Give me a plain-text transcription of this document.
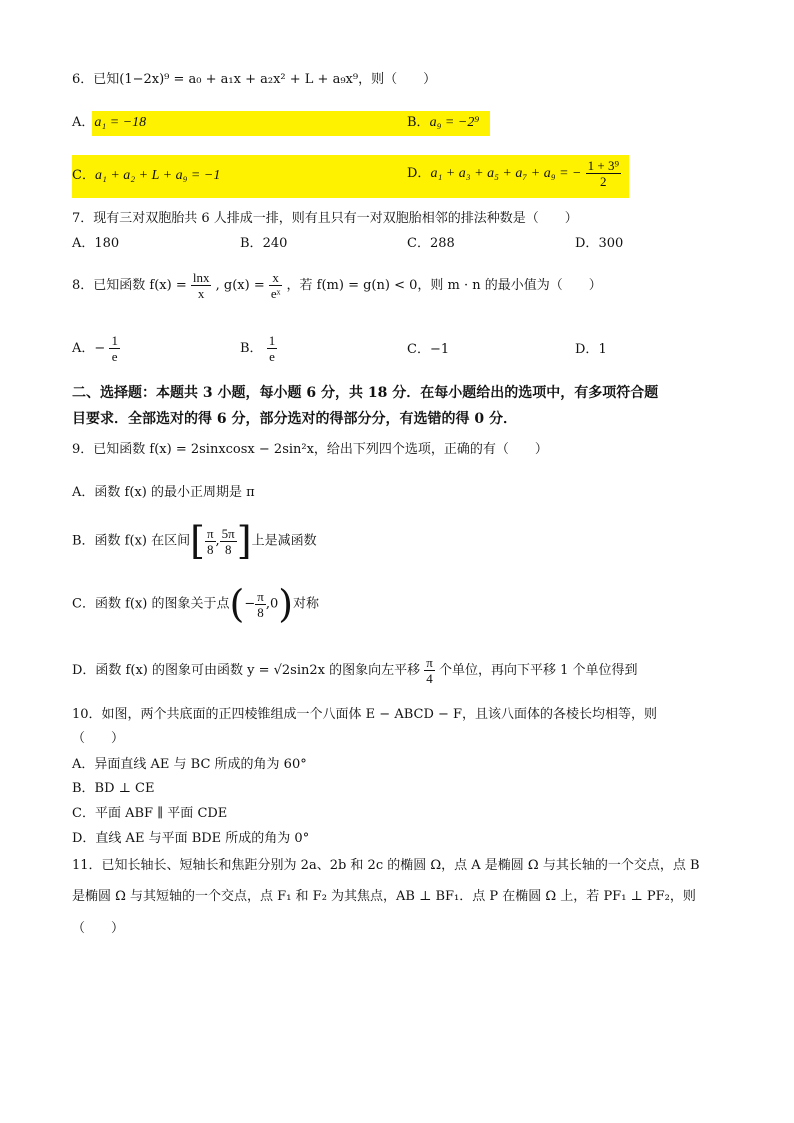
6．已知(1−2x)⁹ = a₀ + a₁x + a₂x² + L + a₉x⁹，则（　　）
A．a₁ = −18	B．a₉ = −2⁹
C．a₁ + a₂ + L + a₉ = −1	D．a₁ + a₃ + a₅ + a₇ + a₉ = − $\frac{\text{1 + 3⁹}}{2}$
7．现有三对双胞胎共 6 人排成一排，则有且只有一对双胞胎相邻的排法种数是（　　）
A．180	B．240	C．288	D．300
8．已知函数 $f(x) = \frac{\ln x}{x}$ , $g(x) = \frac{x}{\text{eˣ}}$ ，若 f(m) = g(n) < 0，则 m · n 的最小值为（　　）
A．− $\frac{1}{e}$	B． $\frac{1}{e}$	C．−1	D．1
二、选择题：本题共 3 小题，每小题 6 分，共 18 分．在每小题给出的选项中，有多项符合题
目要求．全部选对的得 6 分，部分选对的得部分分，有选错的得 0 分．
9．已知函数 f(x) = 2sinxcosx − 2sin²x，给出下列四个选项，正确的有（　　）
A．函数 f(x) 的最小正周期是 π
B．函数 f(x) 在区间[ $\frac{\pi}{8}$ , $\frac{5\pi}{8}$ ]上是减函数
C．函数 f(x) 的图象关于点(− $\frac{\pi}{8} ,0$)对称
D．函数 f(x) 的图象可由函数 y = √2sin2x 的图象向左平移 $\frac{\pi}{4}$ 个单位，再向下平移 1 个单位得到
10．如图，两个共底面的正四棱锥组成一个八面体 E − ABCD − F，且该八面体的各棱长均相等，则
（　　）
A．异面直线 AE 与 BC 所成的角为 60°
B．BD ⊥ CE
C．平面 ABF ∥ 平面 CDE
D．直线 AE 与平面 BDE 所成的角为 0°
11．已知长轴长、短轴长和焦距分别为 2a、2b 和 2c 的椭圆 Ω，点 A 是椭圆 Ω 与其长轴的一个交点，点 B
是椭圆 Ω 与其短轴的一个交点，点 F₁ 和 F₂ 为其焦点，AB ⊥ BF₁．点 P 在椭圆 Ω 上，若 PF₁ ⊥ PF₂，则
（　　）
